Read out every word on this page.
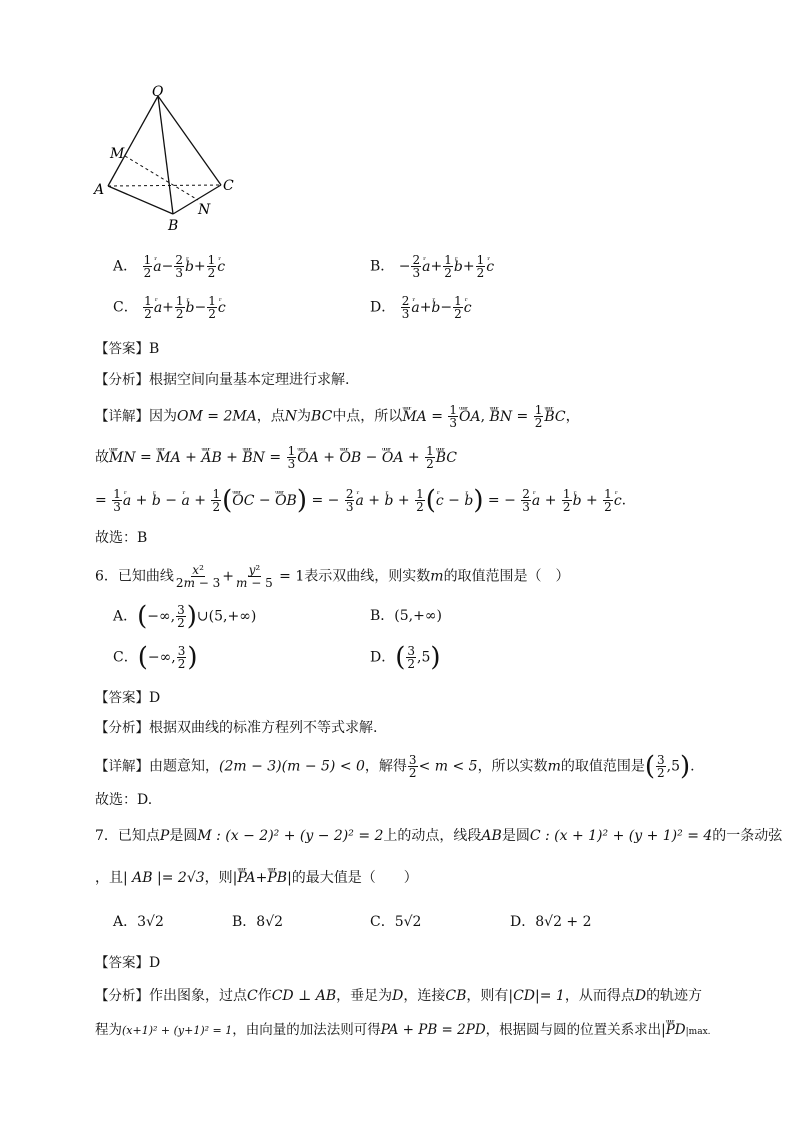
O
M
A
B
C
N
A． $\frac{1}{2}$ ʳ $a- \frac{2}{3}$ ʳ $b+ \frac{1}{2}$ ʳ c	B． − $\frac{2}{3}$ ʳ $a+ \frac{1}{2}$ ʳ $b+ \frac{1}{2}$ ʳ c
C． $\frac{1}{2}$ ʳ $a+ \frac{1}{2}$ ʳ $b- \frac{1}{2}$ ʳ c	D． $\frac{2}{3}$ ʳ a+ʳ $b- \frac{1}{2}$ ʳ c
【答案】B
【分析】根据空间向量基本定理进行求解.
【详解】因为OM = 2MA，点N为BC中点，所以ᵘᵘᵘʳ MA = $\frac{1}{3}$ ᵘᵘᵘʳ OA, ᵘᵘᵘʳ BN = $\frac{1}{2}$ ᵘᵘᵘʳ BC，
故ᵘᵘᵘʳ MN = ᵘᵘᵘʳ MA + ᵘᵘᵘʳ AB + ᵘᵘᵘʳ BN = $\frac{1}{3}$ ᵘᵘᵘʳ OA + ᵘᵘᵘʳ OB − ᵘᵘᵘʳ OA + $\frac{1}{2}$ ᵘᵘᵘʳ BC
= $\frac{1}{3}$ ʳ a + ʳ b − ʳ $a + \frac{1}{2}$ (ᵘᵘᵘʳ OC − ᵘᵘᵘʳ OB) = − $\frac{2}{3}$ ʳ a + ʳ $b + \frac{1}{2}$ (ʳ c − ʳ b) = − $\frac{2}{3}$ ʳ $a + \frac{1}{2}$ ʳ $b + \frac{1}{2}$ ʳ c.
故选：B
6．已知曲线 $\frac{\text{x²}}{2m - 3} + \frac{\text{y²}}{m - 5} = 1$表示双曲线，则实数m的取值范围是（　）
A．(−∞, $\frac{3}{2}$ )∪(5,+∞)	B．(5,+∞)
C．(−∞, $\frac{3}{2}$ )	D．( $\frac{3}{2} ,5$)
【答案】D
【分析】根据双曲线的标准方程列不等式求解.
【详解】由题意知，(2m − 3)(m − 5) < 0，解得 $\frac{3}{2} < m < 5$，所以实数m的取值范围是( $\frac{3}{2} ,5$).
故选：D.
7．已知点P是圆M : (x − 2)² + (y − 2)² = 2上的动点，线段AB是圆C : (x + 1)² + (y + 1)² = 4的一条动弦
，且| AB |= 2√3，则|ᵘᵘᵘʳ PA+ᵘᵘᵘʳ PB|的最大值是（　　）
A．3√2	B．8√2	C．5√2	D．8√2 + 2
【答案】D
【分析】作出图象，过点C作CD ⊥ AB，垂足为D，连接CB，则有|CD|= 1，从而得点D的轨迹方
程为(x+1)² + (y+1)² = 1，由向量的加法法则可得PA + PB = 2PD，根据圆与圆的位置关系求出|ᵘᵘᵘʳ PD|max.
